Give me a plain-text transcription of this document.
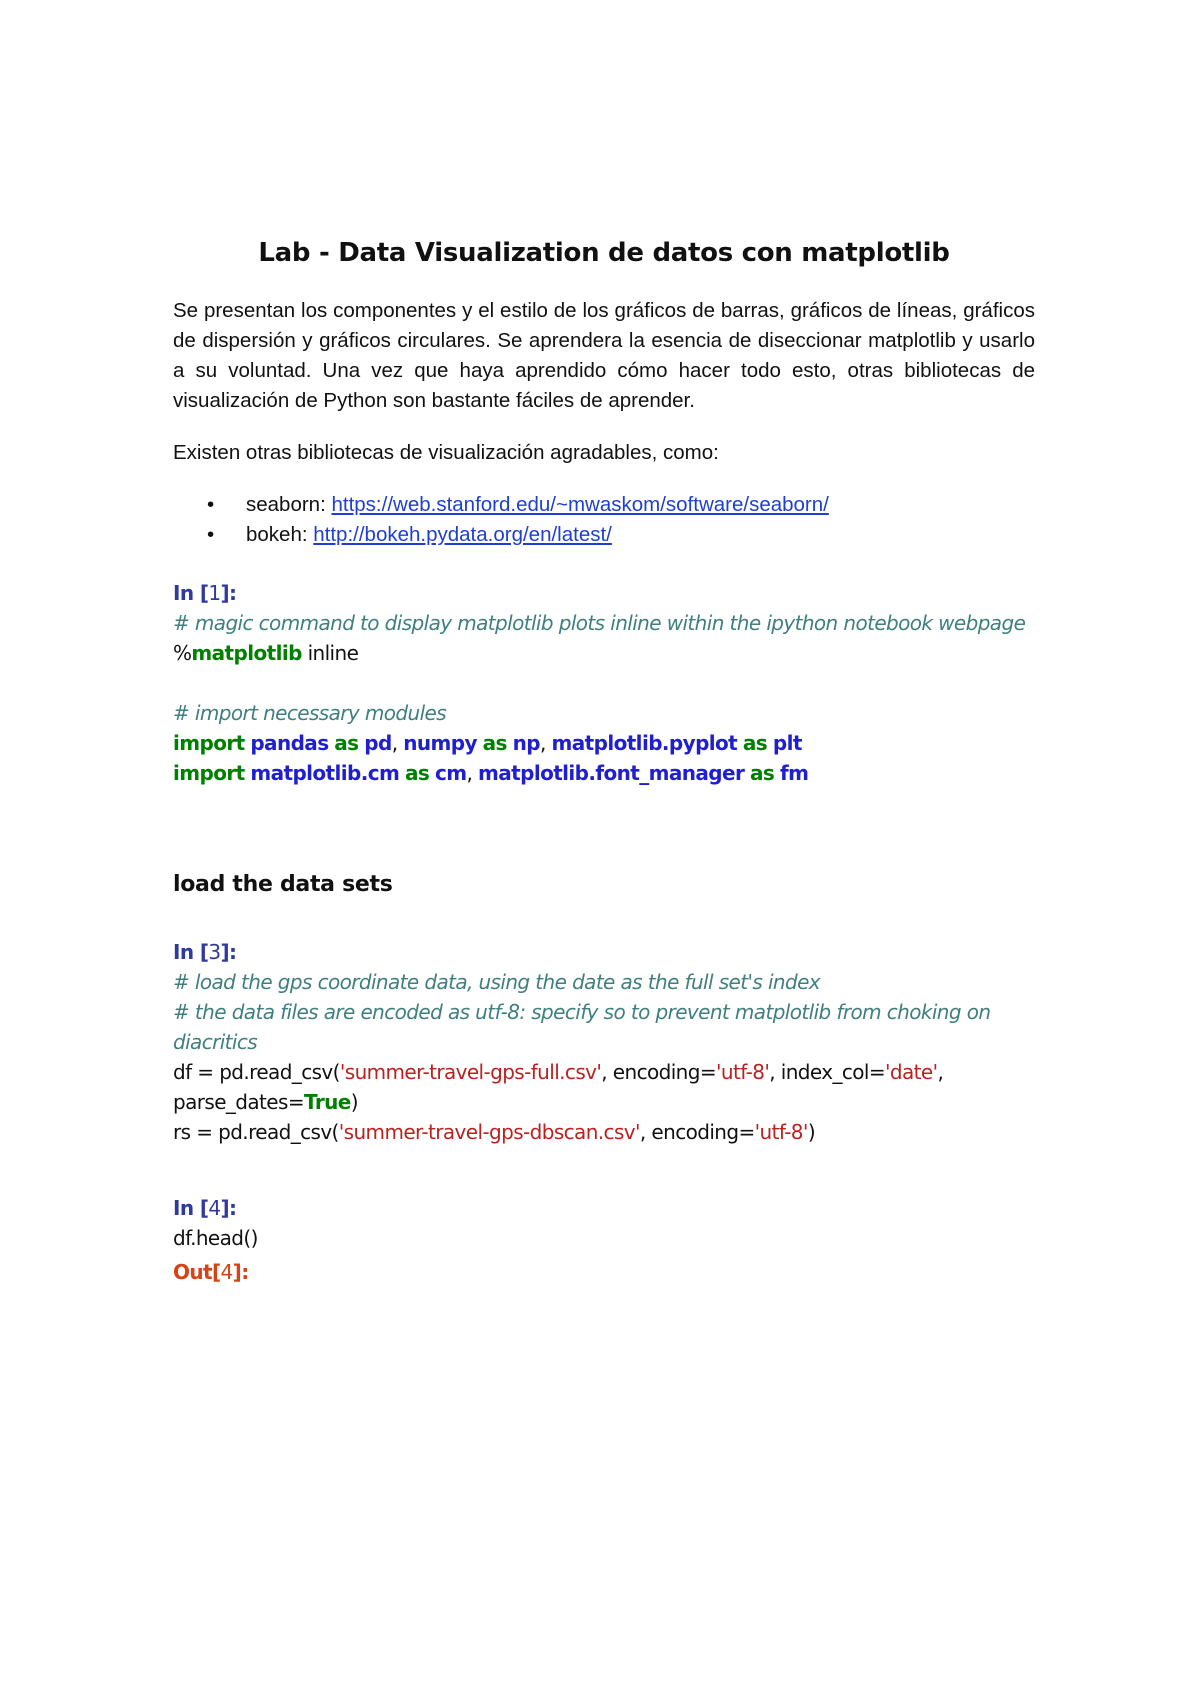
Lab - Data Visualization de datos con matplotlib

Se presentan los componentes y el estilo de los gráficos de barras, gráficos de líneas, gráficos de dispersión y gráficos circulares. Se aprendera la esencia de diseccionar matplotlib y usarlo a su voluntad. Una vez que haya aprendido cómo hacer todo esto, otras bibliotecas de visualización de Python son bastante fáciles de aprender.

Existen otras bibliotecas de visualización agradables, como:

• seaborn: https://web.stanford.edu/~mwaskom/software/seaborn/
• bokeh: http://bokeh.pydata.org/en/latest/
In [1]:
# magic command to display matplotlib plots inline within the ipython notebook webpage
%matplotlib inline
# import necessary modules
import pandas as pd, numpy as np, matplotlib.pyplot as plt
import matplotlib.cm as cm, matplotlib.font_manager as fm
load the data sets
In [3]:
# load the gps coordinate data, using the date as the full set's index
# the data files are encoded as utf-8: specify so to prevent matplotlib from choking on diacritics
df = pd.read_csv('summer-travel-gps-full.csv', encoding='utf-8', index_col='date', parse_dates=True)
rs = pd.read_csv('summer-travel-gps-dbscan.csv', encoding='utf-8')
In [4]:
df.head()
Out[4]:
